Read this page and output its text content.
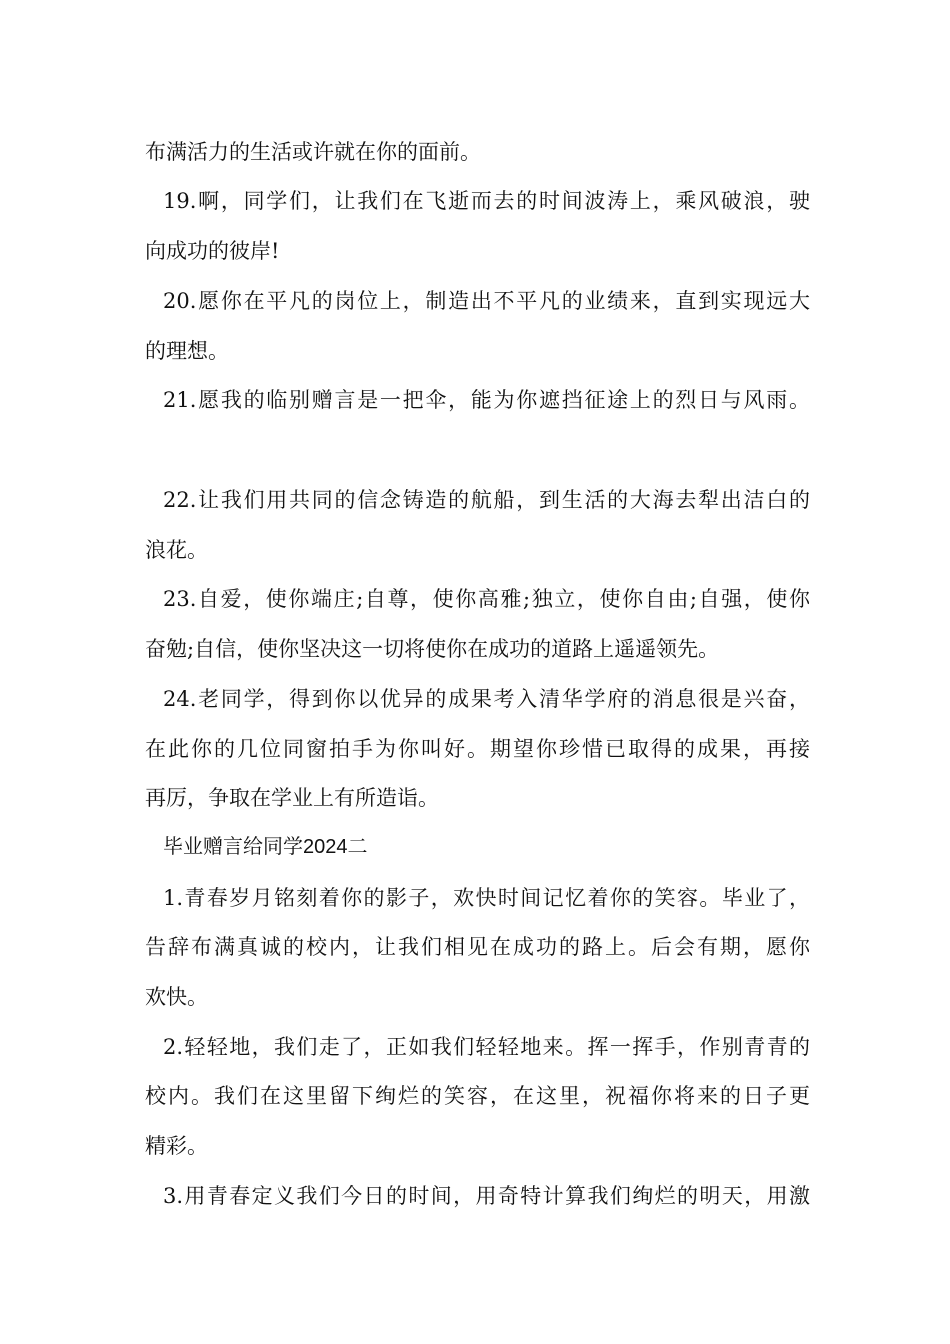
布满活力的生活或许就在你的面前。

19.啊，同学们，让我们在飞逝而去的时间波涛上，乘风破浪，驶

向成功的彼岸!

20.愿你在平凡的岗位上，制造出不平凡的业绩来，直到实现远大

的理想。

21.愿我的临别赠言是一把伞，能为你遮挡征途上的烈日与风雨。

22.让我们用共同的信念铸造的航船，到生活的大海去犁出洁白的

浪花。

23.自爱，使你端庄;自尊，使你高雅;独立，使你自由;自强，使你

奋勉;自信，使你坚决这一切将使你在成功的道路上遥遥领先。

24.老同学，得到你以优异的成果考入清华学府的消息很是兴奋，

在此你的几位同窗拍手为你叫好。期望你珍惜已取得的成果，再接

再厉，争取在学业上有所造诣。

毕业赠言给同学2024二

1.青春岁月铭刻着你的影子，欢快时间记忆着你的笑容。毕业了，

告辞布满真诚的校内，让我们相见在成功的路上。后会有期，愿你

欢快。

2.轻轻地，我们走了，正如我们轻轻地来。挥一挥手，作别青青的

校内。我们在这里留下绚烂的笑容，在这里，祝福你将来的日子更

精彩。

3.用青春定义我们今日的时间，用奇特计算我们绚烂的明天，用激
